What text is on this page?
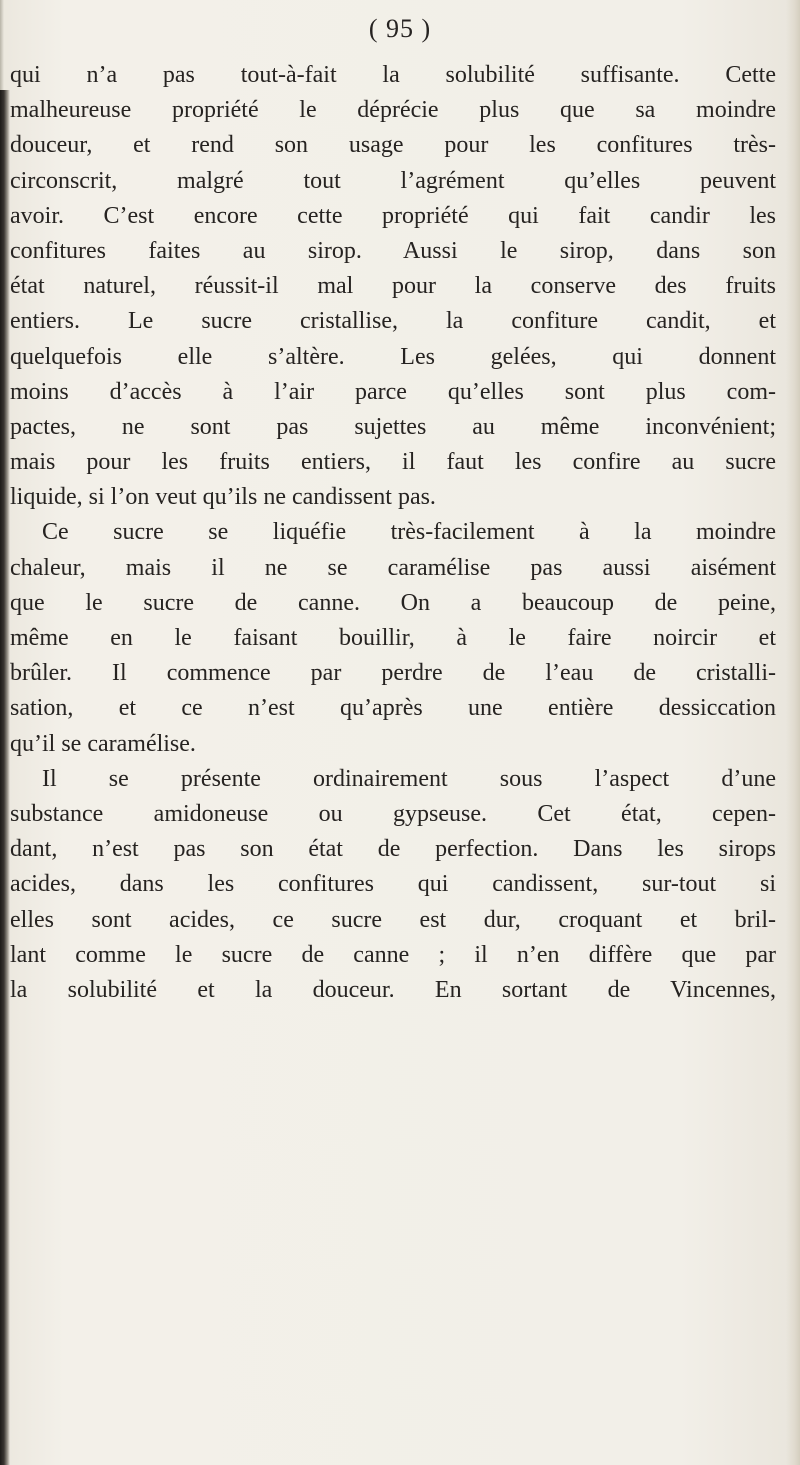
( 95 )
qui n’a pas tout-à-fait la solubilité suffisante. Cette
malheureuse propriété le déprécie plus que sa moindre
douceur, et rend son usage pour les confitures très-
circonscrit, malgré tout l’agrément qu’elles peuvent
avoir. C’est encore cette propriété qui fait candir les
confitures faites au sirop. Aussi le sirop, dans son
état naturel, réussit-il mal pour la conserve des fruits
entiers. Le sucre cristallise, la confiture candit, et
quelquefois elle s’altère. Les gelées, qui donnent
moins d’accès à l’air parce qu’elles sont plus com-
pactes, ne sont pas sujettes au même inconvénient;
mais pour les fruits entiers, il faut les confire au sucre
liquide, si l’on veut qu’ils ne candissent pas.
Ce sucre se liquéfie très-facilement à la moindre
chaleur, mais il ne se caramélise pas aussi aisément
que le sucre de canne. On a beaucoup de peine,
même en le faisant bouillir, à le faire noircir et
brûler. Il commence par perdre de l’eau de cristalli-
sation, et ce n’est qu’après une entière dessiccation
qu’il se caramélise.
Il se présente ordinairement sous l’aspect d’une
substance amidoneuse ou gypseuse. Cet état, cepen-
dant, n’est pas son état de perfection. Dans les sirops
acides, dans les confitures qui candissent, sur-tout si
elles sont acides, ce sucre est dur, croquant et bril-
lant comme le sucre de canne ; il n’en diffère que par
la solubilité et la douceur. En sortant de Vincennes,
